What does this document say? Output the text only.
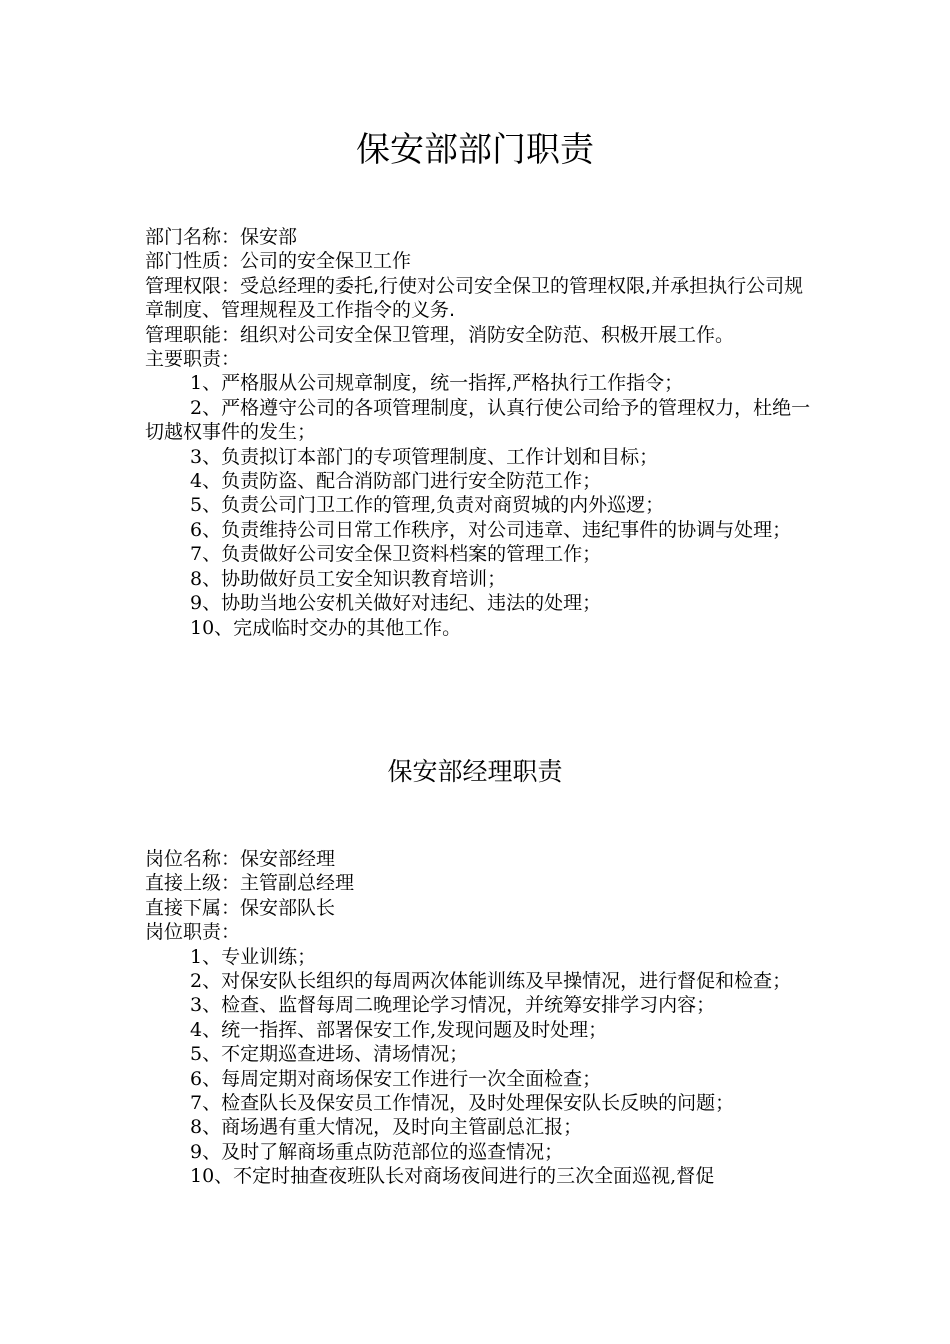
保安部部门职责

部门名称：保安部

部门性质：公司的安全保卫工作

管理权限：受总经理的委托,行使对公司安全保卫的管理权限,并承担执行公司规章制度、管理规程及工作指令的义务.

管理职能：组织对公司安全保卫管理，消防安全防范、积极开展工作。

主要职责：

1、严格服从公司规章制度，统一指挥,严格执行工作指令；

2、严格遵守公司的各项管理制度，认真行使公司给予的管理权力，杜绝一切越权事件的发生；

3、负责拟订本部门的专项管理制度、工作计划和目标；

4、负责防盗、配合消防部门进行安全防范工作；

5、负责公司门卫工作的管理,负责对商贸城的内外巡逻；

6、负责维持公司日常工作秩序，对公司违章、违纪事件的协调与处理；

7、负责做好公司安全保卫资料档案的管理工作；

8、协助做好员工安全知识教育培训；

9、协助当地公安机关做好对违纪、违法的处理；

10、完成临时交办的其他工作。

保安部经理职责

岗位名称：保安部经理

直接上级：主管副总经理

直接下属：保安部队长

岗位职责：

1、专业训练；

2、对保安队长组织的每周两次体能训练及早操情况，进行督促和检查；

3、检查、监督每周二晚理论学习情况，并统筹安排学习内容；

4、统一指挥、部署保安工作,发现问题及时处理；

5、不定期巡查进场、清场情况；

6、每周定期对商场保安工作进行一次全面检查；

7、检查队长及保安员工作情况，及时处理保安队长反映的问题；

8、商场遇有重大情况，及时向主管副总汇报；

9、及时了解商场重点防范部位的巡查情况；

10、不定时抽查夜班队长对商场夜间进行的三次全面巡视,督促
